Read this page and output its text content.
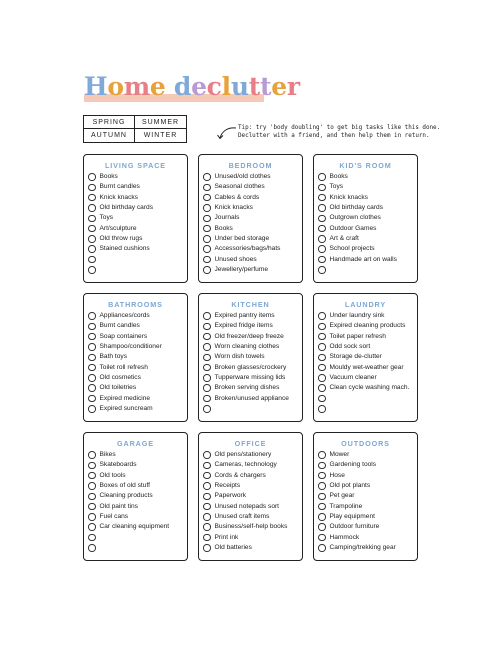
Home declutter
SPRING	SUMMER
AUTUMN	WINTER
Tip: try 'body doubling' to get big tasks like this done.
Declutter with a friend, and then help them in return.
LIVING SPACE
Books
Burnt candles
Knick knacks
Old birthday cards
Toys
Art/sculpture
Old throw rugs
Stained cushions
BEDROOM
Unused/old clothes
Seasonal clothes
Cables & cords
Knick knacks
Journals
Books
Under bed storage
Accessories/bags/hats
Unused shoes
Jewellery/perfume
KID'S ROOM
Books
Toys
Knick knacks
Old birthday cards
Outgrown clothes
Outdoor Games
Art & craft
School projects
Handmade art on walls
BATHROOMS
Appliances/cords
Burnt candles
Soap containers
Shampoo/conditioner
Bath toys
Toilet roll refresh
Old cosmetics
Old toiletries
Expired medicine
Expired suncream
KITCHEN
Expired pantry items
Expired fridge items
Old freezer/deep freeze
Worn cleaning clothes
Worn dish towels
Broken glasses/crockery
Tupperware missing lids
Broken serving dishes
Broken/unused appliance
LAUNDRY
Under laundry sink
Expired cleaning products
Toilet paper refresh
Odd sock sort
Storage de-clutter
Mouldy wet-weather gear
Vacuum cleaner
Clean cycle washing mach.
GARAGE
Bikes
Skateboards
Old tools
Boxes of old stuff
Cleaning products
Old paint tins
Fuel cans
Car cleaning equipment
OFFICE
Old pens/stationery
Cameras, technology
Cords & chargers
Receipts
Paperwork
Unused notepads sort
Unused craft items
Business/self-help books
Print ink
Old batteries
OUTDOORS
Mower
Gardening tools
Hose
Old pot plants
Pet gear
Trampoline
Play equipment
Outdoor furniture
Hammock
Camping/trekking gear
